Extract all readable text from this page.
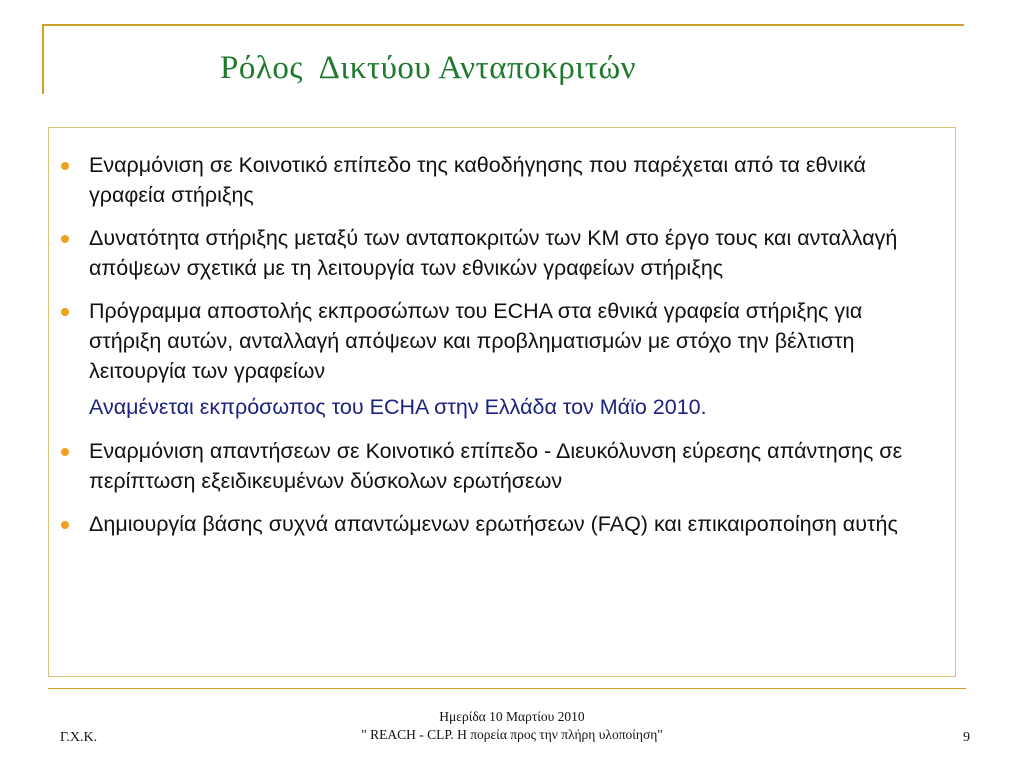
Ρόλος  Δικτύου Ανταποκριτών
Εναρμόνιση σε Κοινοτικό επίπεδο της καθοδήγησης που παρέχεται από τα εθνικά γραφεία στήριξης
Δυνατότητα στήριξης μεταξύ των ανταποκριτών των ΚΜ στο έργο τους και ανταλλαγή απόψεων σχετικά με τη λειτουργία των εθνικών γραφείων στήριξης
Πρόγραμμα αποστολής εκπροσώπων του ECHA στα εθνικά γραφεία στήριξης για στήριξη αυτών, ανταλλαγή απόψεων και προβληματισμών με στόχο την βέλτιστη λειτουργία των γραφείων
Αναμένεται εκπρόσωπος του ECHA στην Ελλάδα τον Μάϊο 2010.
Εναρμόνιση απαντήσεων σε Κοινοτικό επίπεδο - Διευκόλυνση εύρεσης απάντησης σε περίπτωση εξειδικευμένων δύσκολων ερωτήσεων
Δημιουργία βάσης συχνά απαντώμενων ερωτήσεων (FAQ) και επικαιροποίηση αυτής
Γ.Χ.Κ.
Ημερίδα 10 Μαρτίου 2010
" REACH - CLP. Η πορεία προς την πλήρη υλοποίηση"	9
